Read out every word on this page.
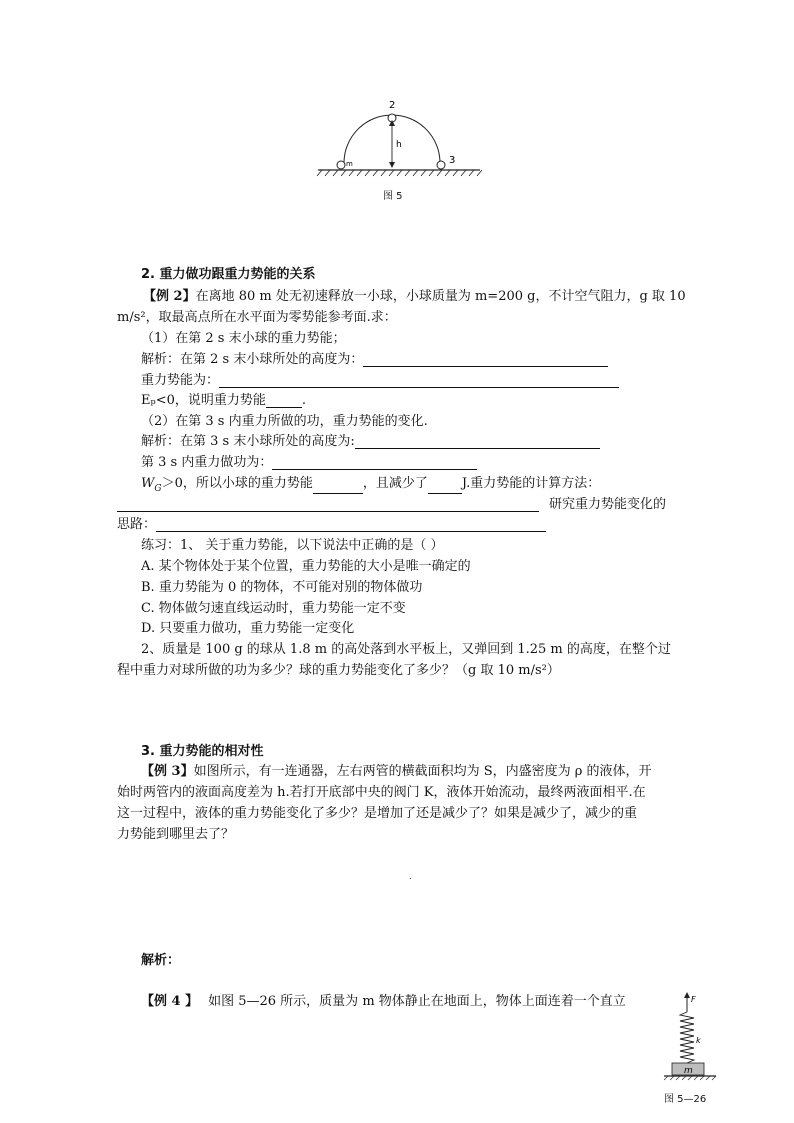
2
h
m	3
图 5
2. 重力做功跟重力势能的关系
【例 2】在离地 80 m 处无初速释放一小球，小球质量为 m=200 g，不计空气阻力，g 取 10
m/s²，取最高点所在水平面为零势能参考面.求：
（1）在第 2 s 末小球的重力势能；
解析：在第 2 s 末小球所处的高度为：
重力势能为：
Eₚ<0，说明重力势能	.
（2）在第 3 s 内重力所做的功，重力势能的变化.
解析：在第 3 s 末小球所处的高度为:
第 3 s 内重力做功为：
$W_G>0$，所以小球的重力势能	，且减少了	J.重力势能的计算方法：
研究重力势能变化的
思路：
练习：1、 关于重力势能，以下说法中正确的是（ ）
A. 某个物体处于某个位置，重力势能的大小是唯一确定的
B. 重力势能为 0 的物体，不可能对别的物体做功
C. 物体做匀速直线运动时，重力势能一定不变
D. 只要重力做功，重力势能一定变化
2、质量是 100 g 的球从 1.8 m 的高处落到水平板上，又弹回到 1.25 m 的高度，在整个过
程中重力对球所做的功为多少？球的重力势能变化了多少？（g 取 10 m/s²）
3. 重力势能的相对性
【例 3】如图所示，有一连通器，左右两管的横截面积均为 S，内盛密度为 ρ 的液体，开
始时两管内的液面高度差为 h.若打开底部中央的阀门 K，液体开始流动，最终两液面相平.在
这一过程中，液体的重力势能变化了多少？是增加了还是减少了？如果是减少了，减少的重
力势能到哪里去了？
.
解析：
【例 4 】 如图 5—26 所示，质量为 m 物体静止在地面上，物体上面连着一个直立	F
k
m
图 5—26
